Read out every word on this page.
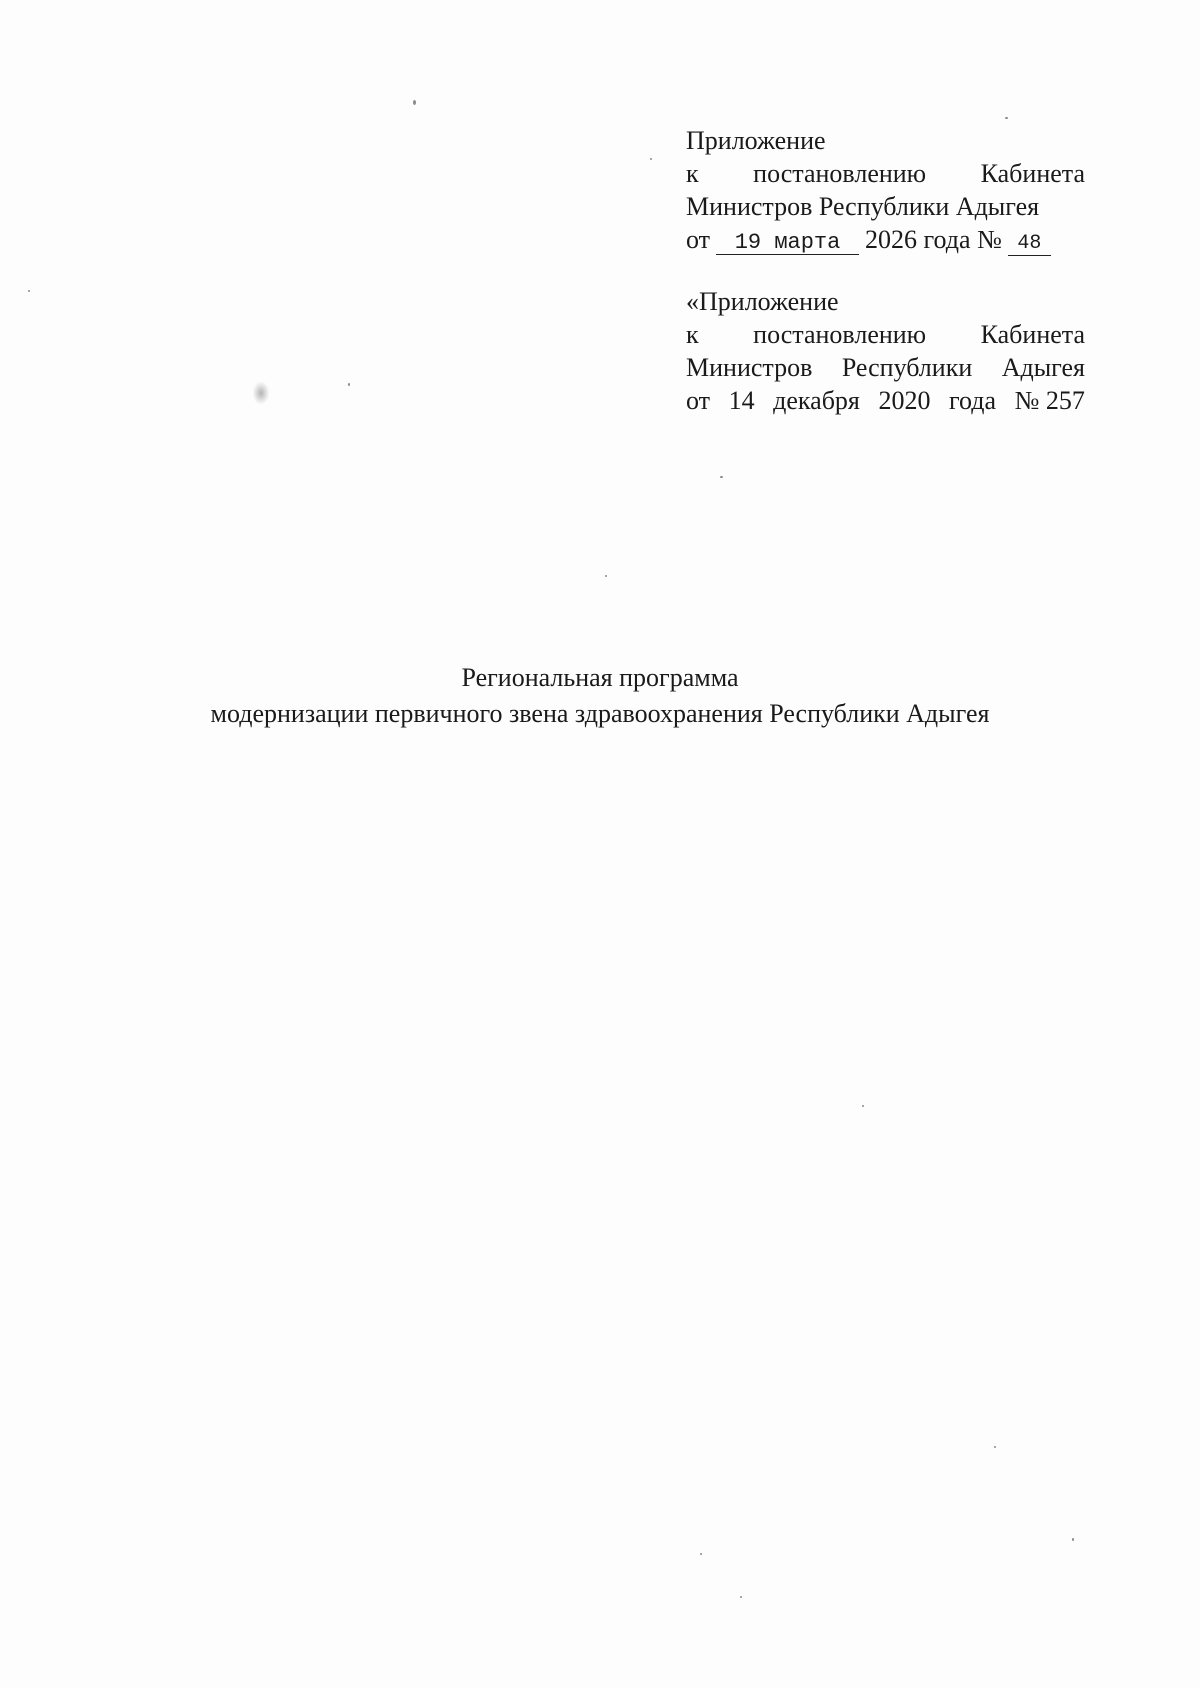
Приложение
к постановлению Кабинета
Министров Республики Адыгея
от 19 марта 2026 года № 48
«Приложение
к постановлению Кабинета
Министров Республики Адыгея
от 14 декабря 2020 года № 257
Региональная программа
модернизации первичного звена здравоохранения Республики Адыгея
